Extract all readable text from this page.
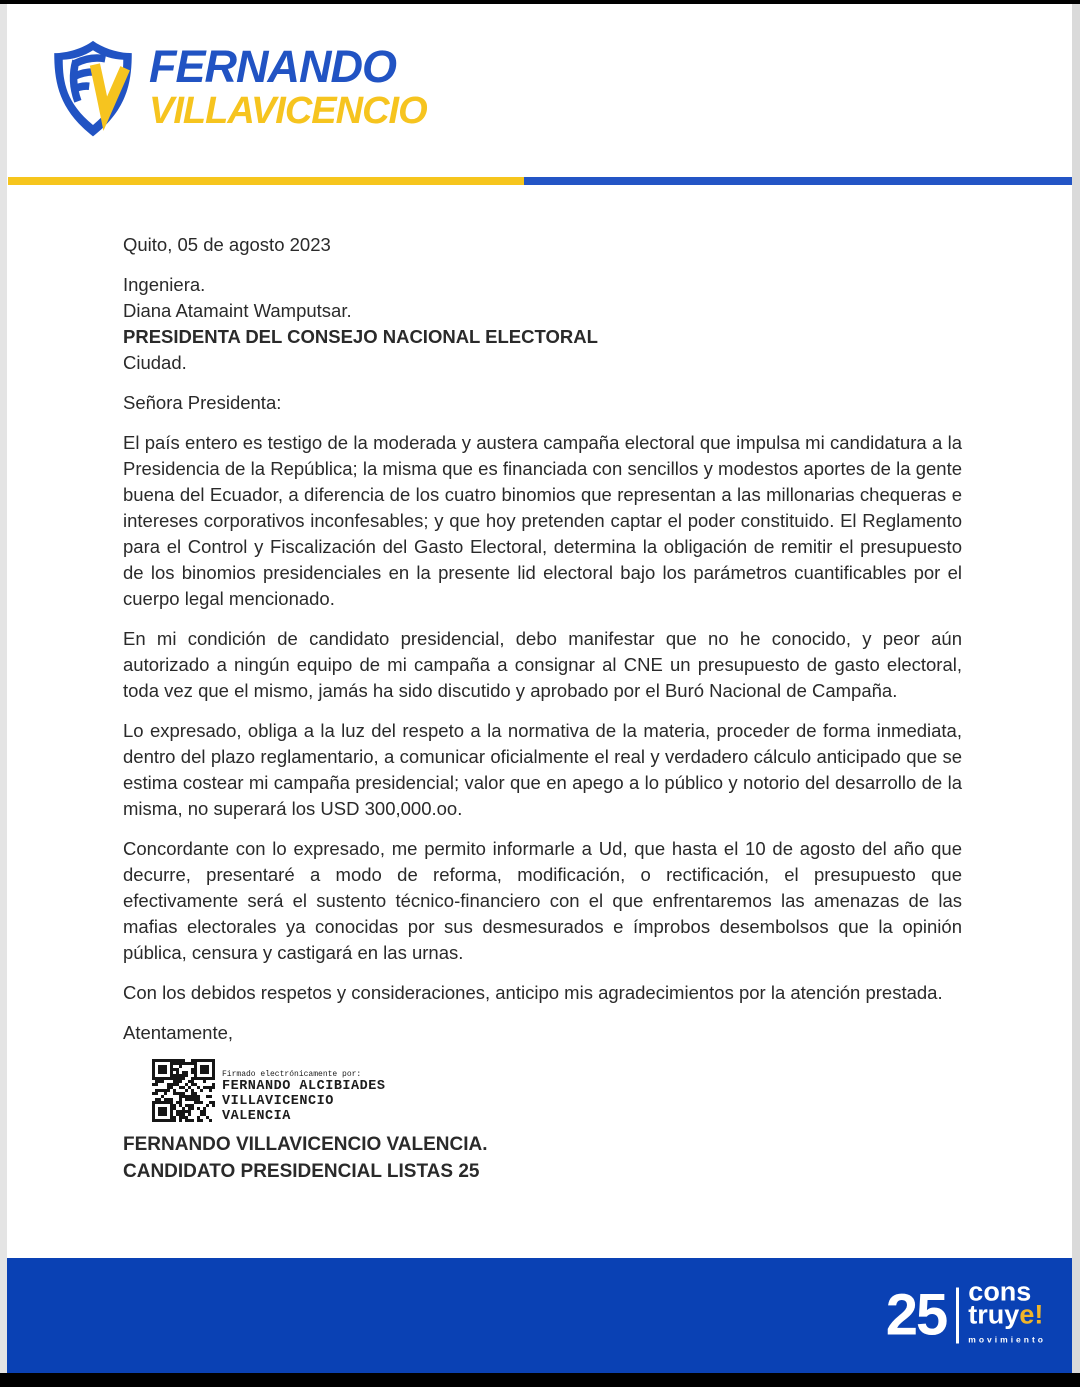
FERNANDO
VILLAVICENCIO

Quito, 05 de agosto 2023

Ingeniera.
Diana Atamaint Wamputsar.
PRESIDENTA DEL CONSEJO NACIONAL ELECTORAL
Ciudad.

Señora Presidenta:

El país entero es testigo de la moderada y austera campaña electoral que impulsa mi candidatura a la Presidencia de la República; la misma que es financiada con sencillos y modestos aportes de la gente buena del Ecuador, a diferencia de los cuatro binomios que representan a las millonarias chequeras e intereses corporativos inconfesables; y que hoy pretenden captar el poder constituido. El Reglamento para el Control y Fiscalización del Gasto Electoral, determina la obligación de remitir el presupuesto de los binomios presidenciales en la presente lid electoral bajo los parámetros cuantificables por el cuerpo legal mencionado.

En mi condición de candidato presidencial, debo manifestar que no he conocido, y peor aún autorizado a ningún equipo de mi campaña a consignar al CNE un presupuesto de gasto electoral, toda vez que el mismo, jamás ha sido discutido y aprobado por el Buró Nacional de Campaña.

Lo expresado, obliga a la luz del respeto a la normativa de la materia, proceder de forma inmediata, dentro del plazo reglamentario, a comunicar oficialmente el real y verdadero cálculo anticipado que se estima costear mi campaña presidencial; valor que en apego a lo público y notorio del desarrollo de la misma, no superará los USD 300,000.oo.

Concordante con lo expresado, me permito informarle a Ud, que hasta el 10 de agosto del año que decurre, presentaré a modo de reforma, modificación, o rectificación, el presupuesto que efectivamente será el sustento técnico-financiero con el que enfrentaremos las amenazas de las mafias electorales ya conocidas por sus desmesurados e ímprobos desembolsos que la opinión pública, censura y castigará en las urnas.

Con los debidos respetos y consideraciones, anticipo mis agradecimientos por la atención prestada.

Atentamente,

Firmado electrónicamente por:
FERNANDO ALCIBIADES
VILLAVICENCIO
VALENCIA
FERNANDO VILLAVICENCIO VALENCIA.
CANDIDATO PRESIDENCIAL LISTAS 25
25 cons
truye!
movimiento
